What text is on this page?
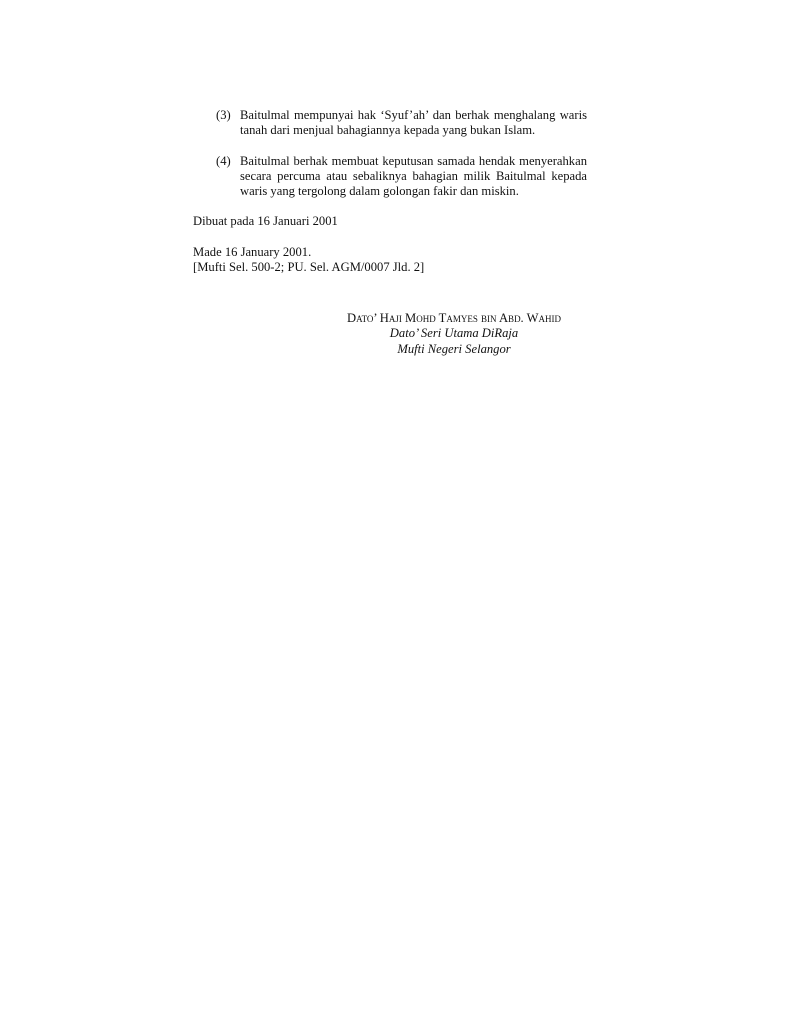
(3) Baitulmal mempunyai hak ‘Syuf’ah’ dan berhak menghalang waris tanah dari menjual bahagiannya kepada yang bukan Islam.
(4) Baitulmal berhak membuat keputusan samada hendak menyerahkan secara percuma atau sebaliknya bahagian milik Baitulmal kepada waris yang tergolong dalam golongan fakir dan miskin.

Dibuat pada 16 Januari 2001

Made 16 January 2001.

[Mufti Sel. 500-2; PU. Sel. AGM/0007 Jld. 2]

Dato’ Haji Mohd Tamyes bin Abd. Wahid
Dato’ Seri Utama DiRaja
Mufti Negeri Selangor
